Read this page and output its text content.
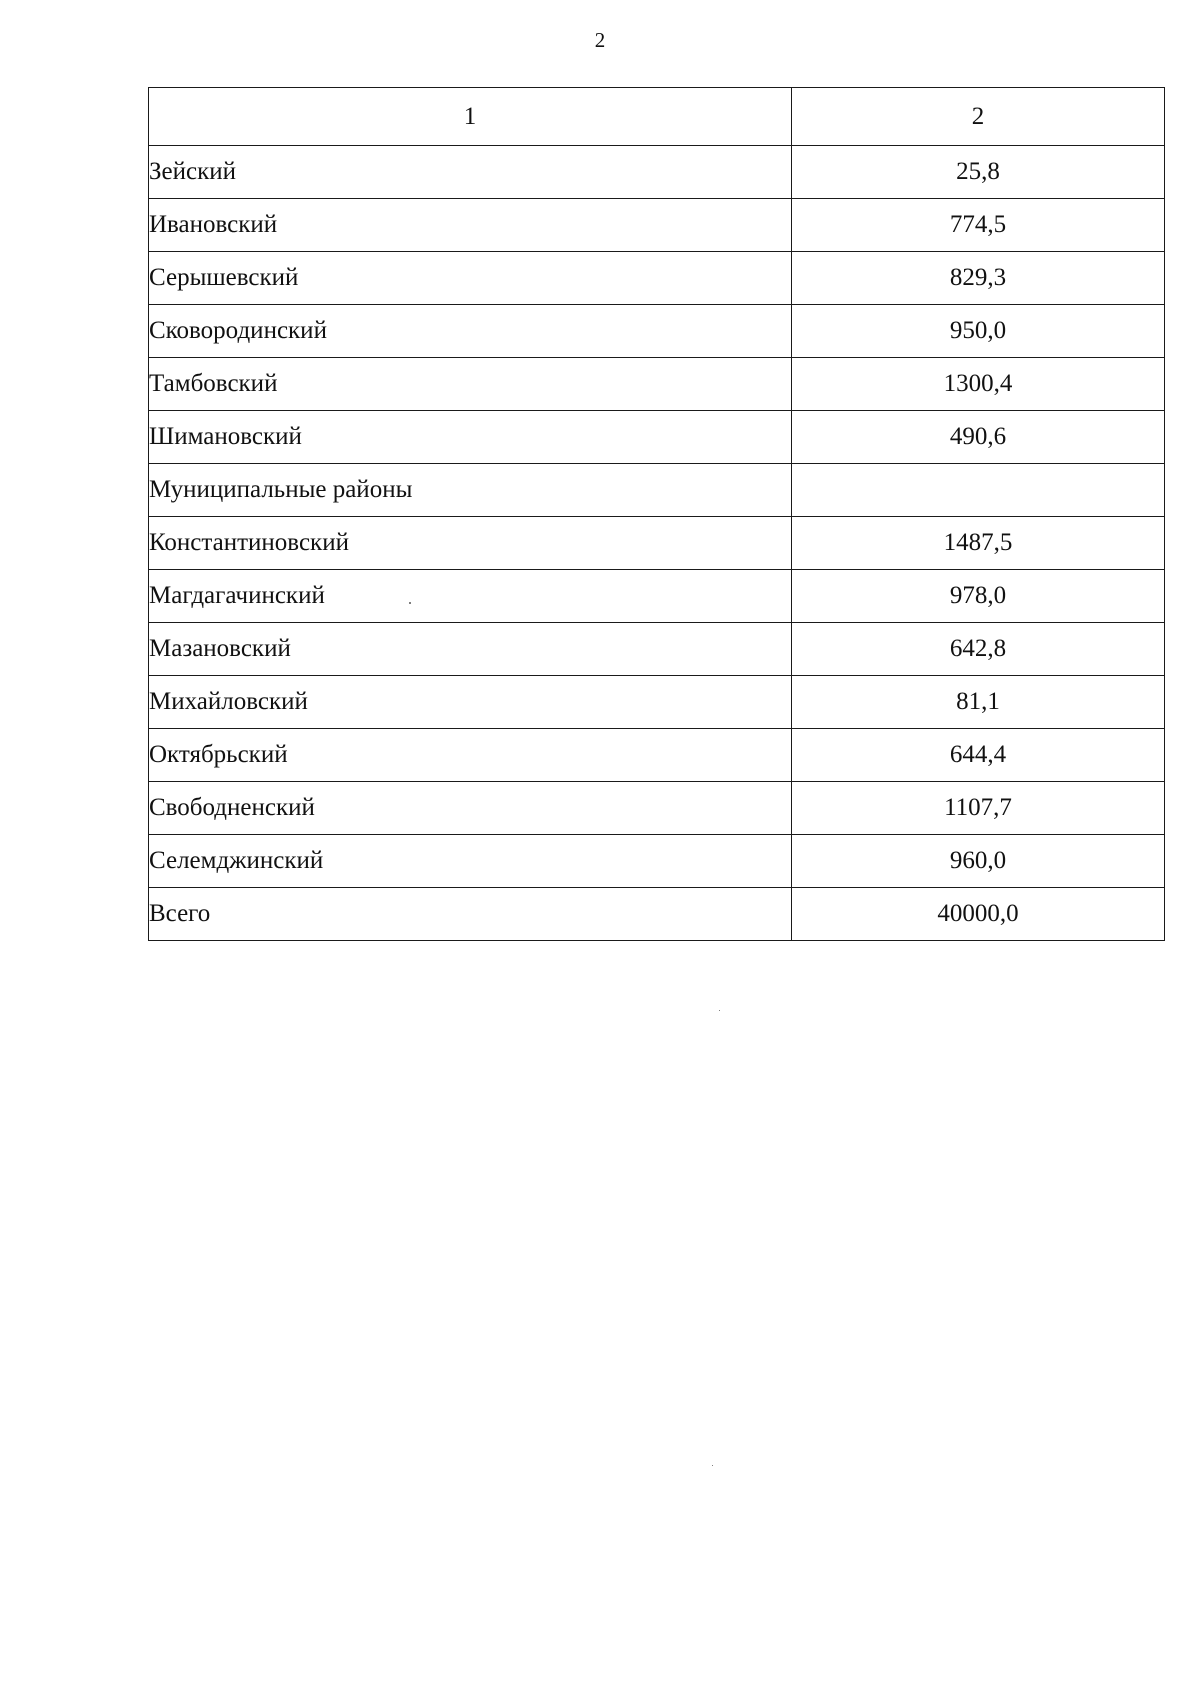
2
1	2
Зейский	25,8
Ивановский	774,5
Серышевский	829,3
Сковородинский	950,0
Тамбовский	1300,4
Шимановский	490,6
Муниципальные районы	
Константиновский	1487,5
Магдагачинский	978,0
Мазановский	642,8
Михайловский	81,1
Октябрьский	644,4
Свободненский	1107,7
Селемджинский	960,0
Всего	40000,0
